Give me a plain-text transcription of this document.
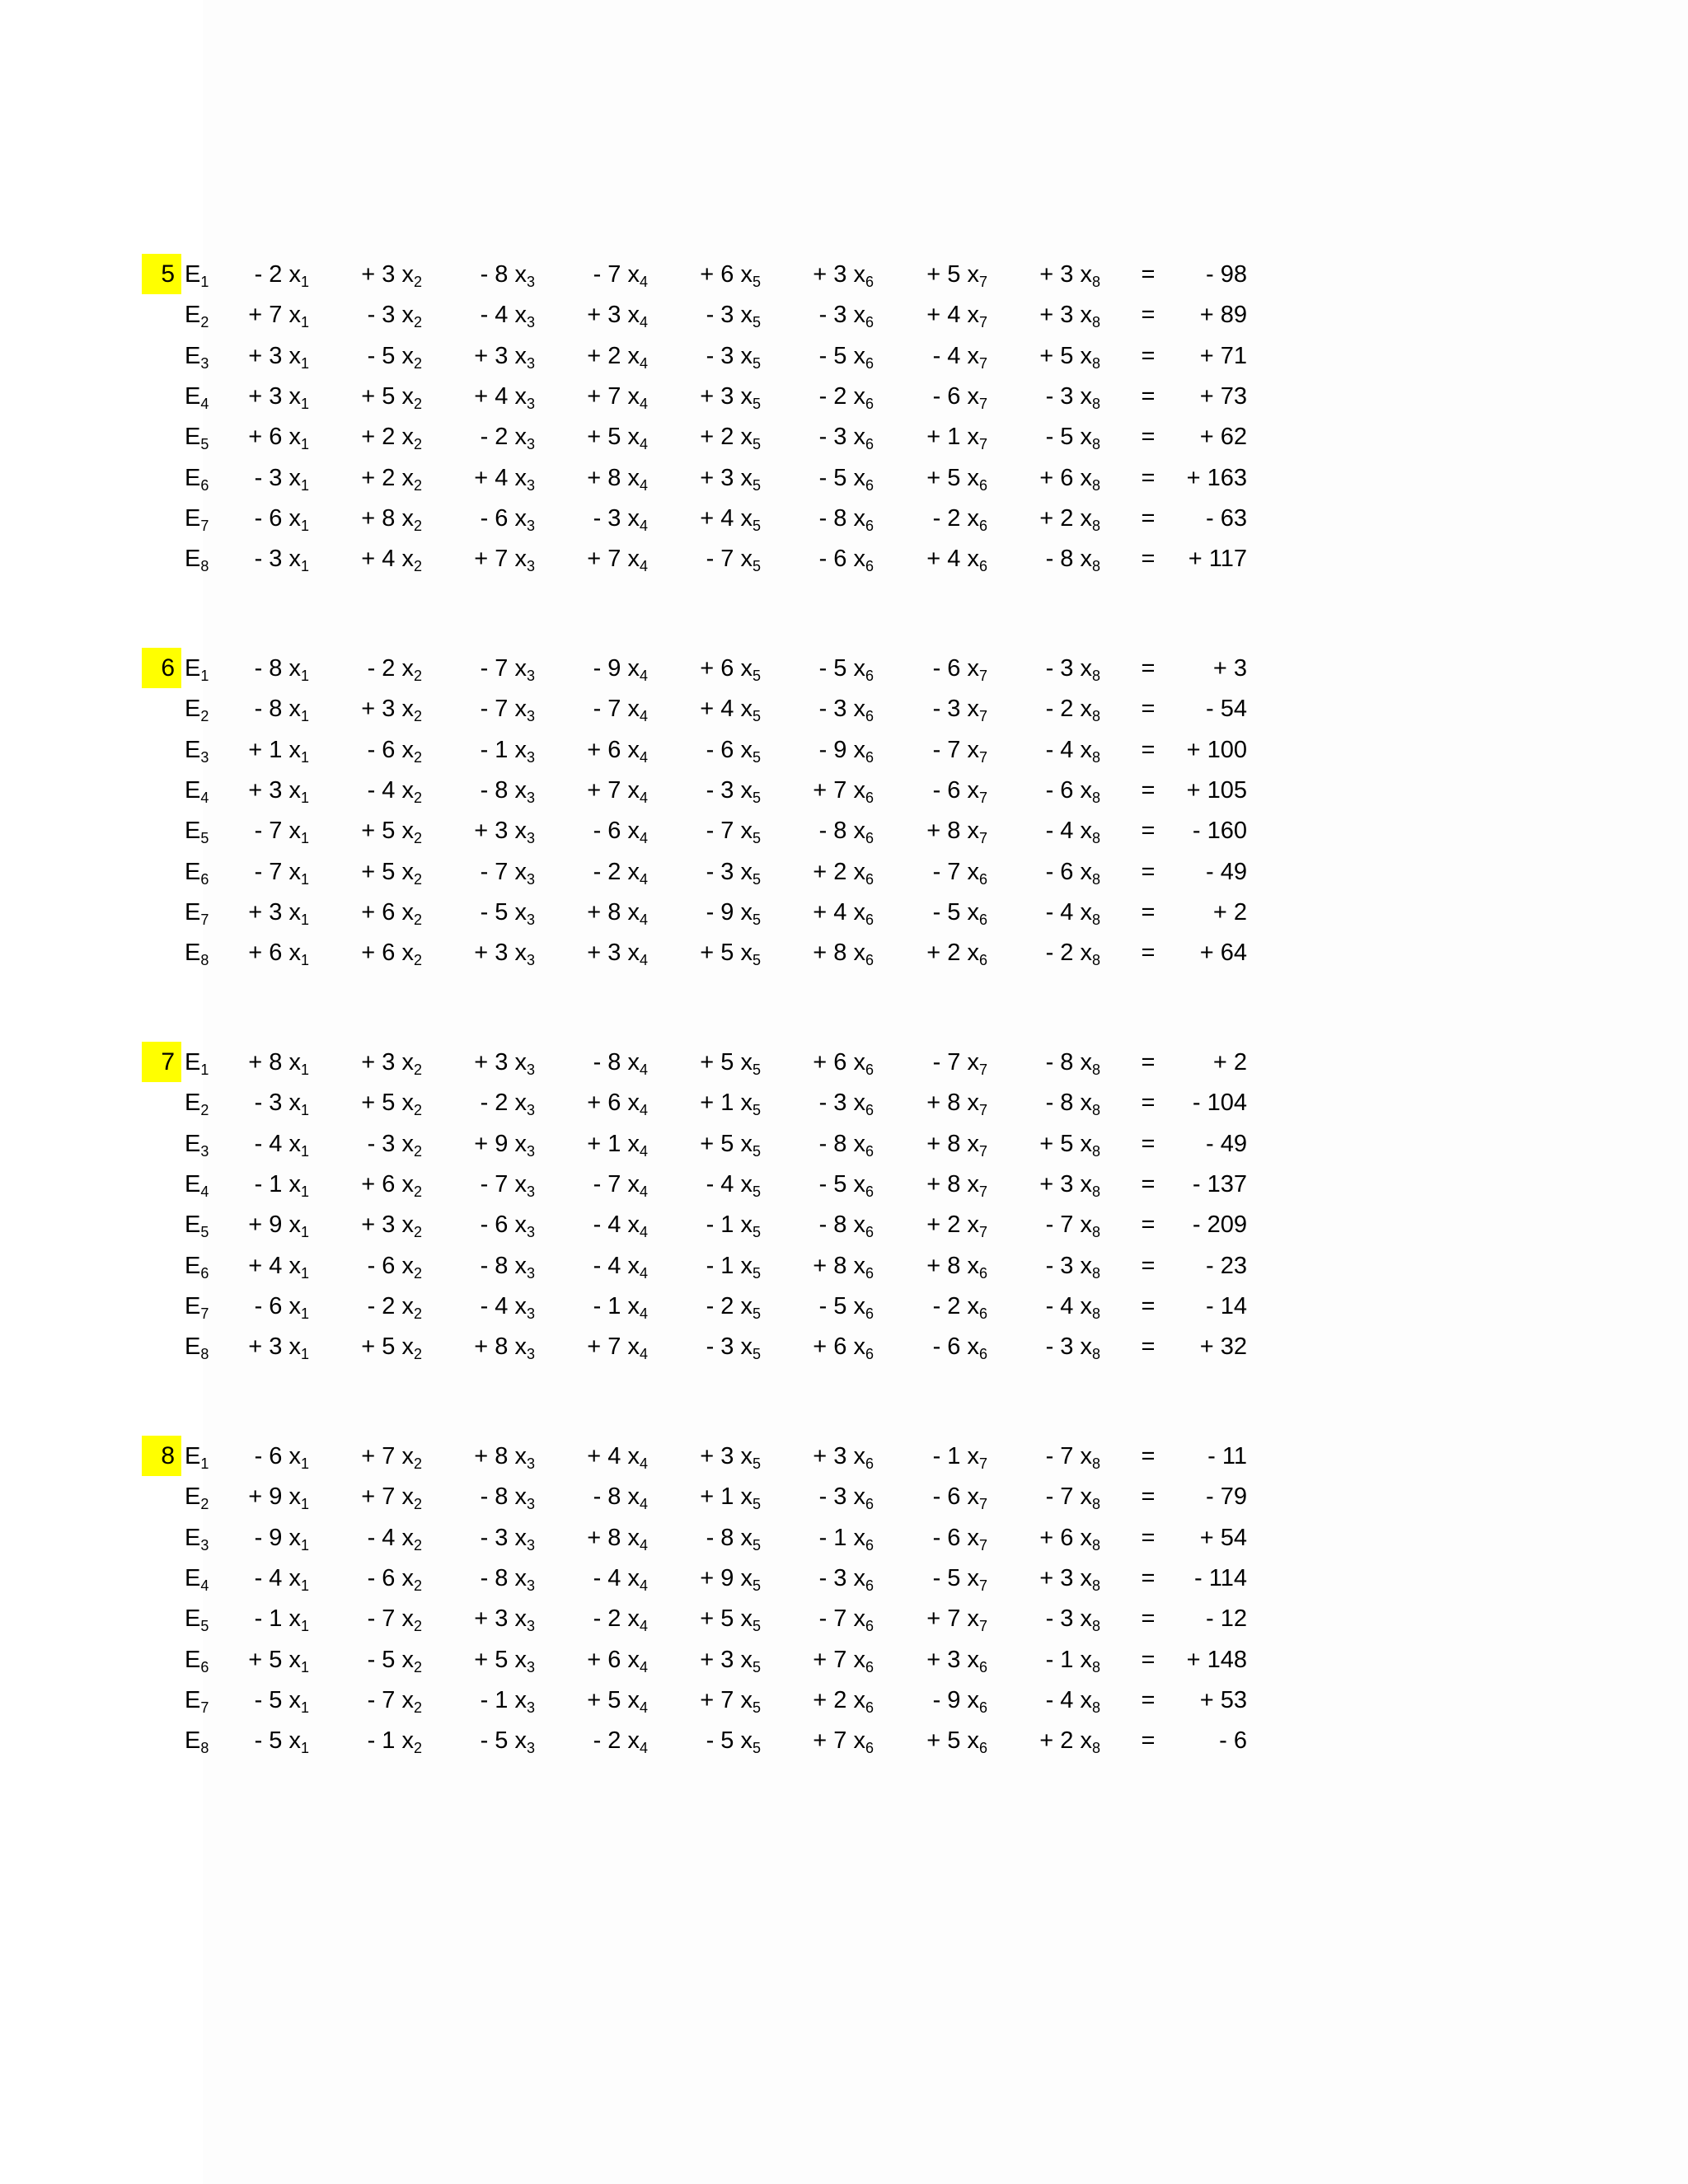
5 $E_1$	- 2 $x_1$	+ 3 $x_2$	- 8 $x_3$	- 7 $x_4$	+ 6 $x_5$	+ 3 $x_6$	+ 5 $x_7$	+ 3 $x_8$ =	- 98
$E_2$	+ 7 $x_1$	- 3 $x_2$	- 4 $x_3$	+ 3 $x_4$	- 3 $x_5$	- 3 $x_6$	+ 4 $x_7$	+ 3 $x_8$ =	+ 89
$E_3$	+ 3 $x_1$	- 5 $x_2$	+ 3 $x_3$	+ 2 $x_4$	- 3 $x_5$	- 5 $x_6$	- 4 $x_7$	+ 5 $x_8$ =	+ 71
$E_4$	+ 3 $x_1$	+ 5 $x_2$	+ 4 $x_3$	+ 7 $x_4$	+ 3 $x_5$	- 2 $x_6$	- 6 $x_7$	- 3 $x_8$ =	+ 73
$E_5$	+ 6 $x_1$	+ 2 $x_2$	- 2 $x_3$	+ 5 $x_4$	+ 2 $x_5$	- 3 $x_6$	+ 1 $x_7$	- 5 $x_8$ =	+ 62
$E_6$	- 3 $x_1$	+ 2 $x_2$	+ 4 $x_3$	+ 8 $x_4$	+ 3 $x_5$	- 5 $x_6$	+ 5 $x_6$	+ 6 $x_8$ =	+ 163
$E_7$	- 6 $x_1$	+ 8 $x_2$	- 6 $x_3$	- 3 $x_4$	+ 4 $x_5$	- 8 $x_6$	- 2 $x_6$	+ 2 $x_8$ =	- 63
$E_8$	- 3 $x_1$	+ 4 $x_2$	+ 7 $x_3$	+ 7 $x_4$	- 7 $x_5$	- 6 $x_6$	+ 4 $x_6$	- 8 $x_8$ =	+ 117
6 $E_1$	- 8 $x_1$	- 2 $x_2$	- 7 $x_3$	- 9 $x_4$	+ 6 $x_5$	- 5 $x_6$	- 6 $x_7$	- 3 $x_8$ =	+ 3
$E_2$	- 8 $x_1$	+ 3 $x_2$	- 7 $x_3$	- 7 $x_4$	+ 4 $x_5$	- 3 $x_6$	- 3 $x_7$	- 2 $x_8$ =	- 54
$E_3$	+ 1 $x_1$	- 6 $x_2$	- 1 $x_3$	+ 6 $x_4$	- 6 $x_5$	- 9 $x_6$	- 7 $x_7$	- 4 $x_8$ =	+ 100
$E_4$	+ 3 $x_1$	- 4 $x_2$	- 8 $x_3$	+ 7 $x_4$	- 3 $x_5$	+ 7 $x_6$	- 6 $x_7$	- 6 $x_8$ =	+ 105
$E_5$	- 7 $x_1$	+ 5 $x_2$	+ 3 $x_3$	- 6 $x_4$	- 7 $x_5$	- 8 $x_6$	+ 8 $x_7$	- 4 $x_8$ =	- 160
$E_6$	- 7 $x_1$	+ 5 $x_2$	- 7 $x_3$	- 2 $x_4$	- 3 $x_5$	+ 2 $x_6$	- 7 $x_6$	- 6 $x_8$ =	- 49
$E_7$	+ 3 $x_1$	+ 6 $x_2$	- 5 $x_3$	+ 8 $x_4$	- 9 $x_5$	+ 4 $x_6$	- 5 $x_6$	- 4 $x_8$ =	+ 2
$E_8$	+ 6 $x_1$	+ 6 $x_2$	+ 3 $x_3$	+ 3 $x_4$	+ 5 $x_5$	+ 8 $x_6$	+ 2 $x_6$	- 2 $x_8$ =	+ 64
7 $E_1$	+ 8 $x_1$	+ 3 $x_2$	+ 3 $x_3$	- 8 $x_4$	+ 5 $x_5$	+ 6 $x_6$	- 7 $x_7$	- 8 $x_8$ =	+ 2
$E_2$	- 3 $x_1$	+ 5 $x_2$	- 2 $x_3$	+ 6 $x_4$	+ 1 $x_5$	- 3 $x_6$	+ 8 $x_7$	- 8 $x_8$ =	- 104
$E_3$	- 4 $x_1$	- 3 $x_2$	+ 9 $x_3$	+ 1 $x_4$	+ 5 $x_5$	- 8 $x_6$	+ 8 $x_7$	+ 5 $x_8$ =	- 49
$E_4$	- 1 $x_1$	+ 6 $x_2$	- 7 $x_3$	- 7 $x_4$	- 4 $x_5$	- 5 $x_6$	+ 8 $x_7$	+ 3 $x_8$ =	- 137
$E_5$	+ 9 $x_1$	+ 3 $x_2$	- 6 $x_3$	- 4 $x_4$	- 1 $x_5$	- 8 $x_6$	+ 2 $x_7$	- 7 $x_8$ =	- 209
$E_6$	+ 4 $x_1$	- 6 $x_2$	- 8 $x_3$	- 4 $x_4$	- 1 $x_5$	+ 8 $x_6$	+ 8 $x_6$	- 3 $x_8$ =	- 23
$E_7$	- 6 $x_1$	- 2 $x_2$	- 4 $x_3$	- 1 $x_4$	- 2 $x_5$	- 5 $x_6$	- 2 $x_6$	- 4 $x_8$ =	- 14
$E_8$	+ 3 $x_1$	+ 5 $x_2$	+ 8 $x_3$	+ 7 $x_4$	- 3 $x_5$	+ 6 $x_6$	- 6 $x_6$	- 3 $x_8$ =	+ 32
8 $E_1$	- 6 $x_1$	+ 7 $x_2$	+ 8 $x_3$	+ 4 $x_4$	+ 3 $x_5$	+ 3 $x_6$	- 1 $x_7$	- 7 $x_8$ =	- 11
$E_2$	+ 9 $x_1$	+ 7 $x_2$	- 8 $x_3$	- 8 $x_4$	+ 1 $x_5$	- 3 $x_6$	- 6 $x_7$	- 7 $x_8$ =	- 79
$E_3$	- 9 $x_1$	- 4 $x_2$	- 3 $x_3$	+ 8 $x_4$	- 8 $x_5$	- 1 $x_6$	- 6 $x_7$	+ 6 $x_8$ =	+ 54
$E_4$	- 4 $x_1$	- 6 $x_2$	- 8 $x_3$	- 4 $x_4$	+ 9 $x_5$	- 3 $x_6$	- 5 $x_7$	+ 3 $x_8$ =	- 114
$E_5$	- 1 $x_1$	- 7 $x_2$	+ 3 $x_3$	- 2 $x_4$	+ 5 $x_5$	- 7 $x_6$	+ 7 $x_7$	- 3 $x_8$ =	- 12
$E_6$	+ 5 $x_1$	- 5 $x_2$	+ 5 $x_3$	+ 6 $x_4$	+ 3 $x_5$	+ 7 $x_6$	+ 3 $x_6$	- 1 $x_8$ =	+ 148
$E_7$	- 5 $x_1$	- 7 $x_2$	- 1 $x_3$	+ 5 $x_4$	+ 7 $x_5$	+ 2 $x_6$	- 9 $x_6$	- 4 $x_8$ =	+ 53
$E_8$	- 5 $x_1$	- 1 $x_2$	- 5 $x_3$	- 2 $x_4$	- 5 $x_5$	+ 7 $x_6$	+ 5 $x_6$	+ 2 $x_8$ =	- 6
